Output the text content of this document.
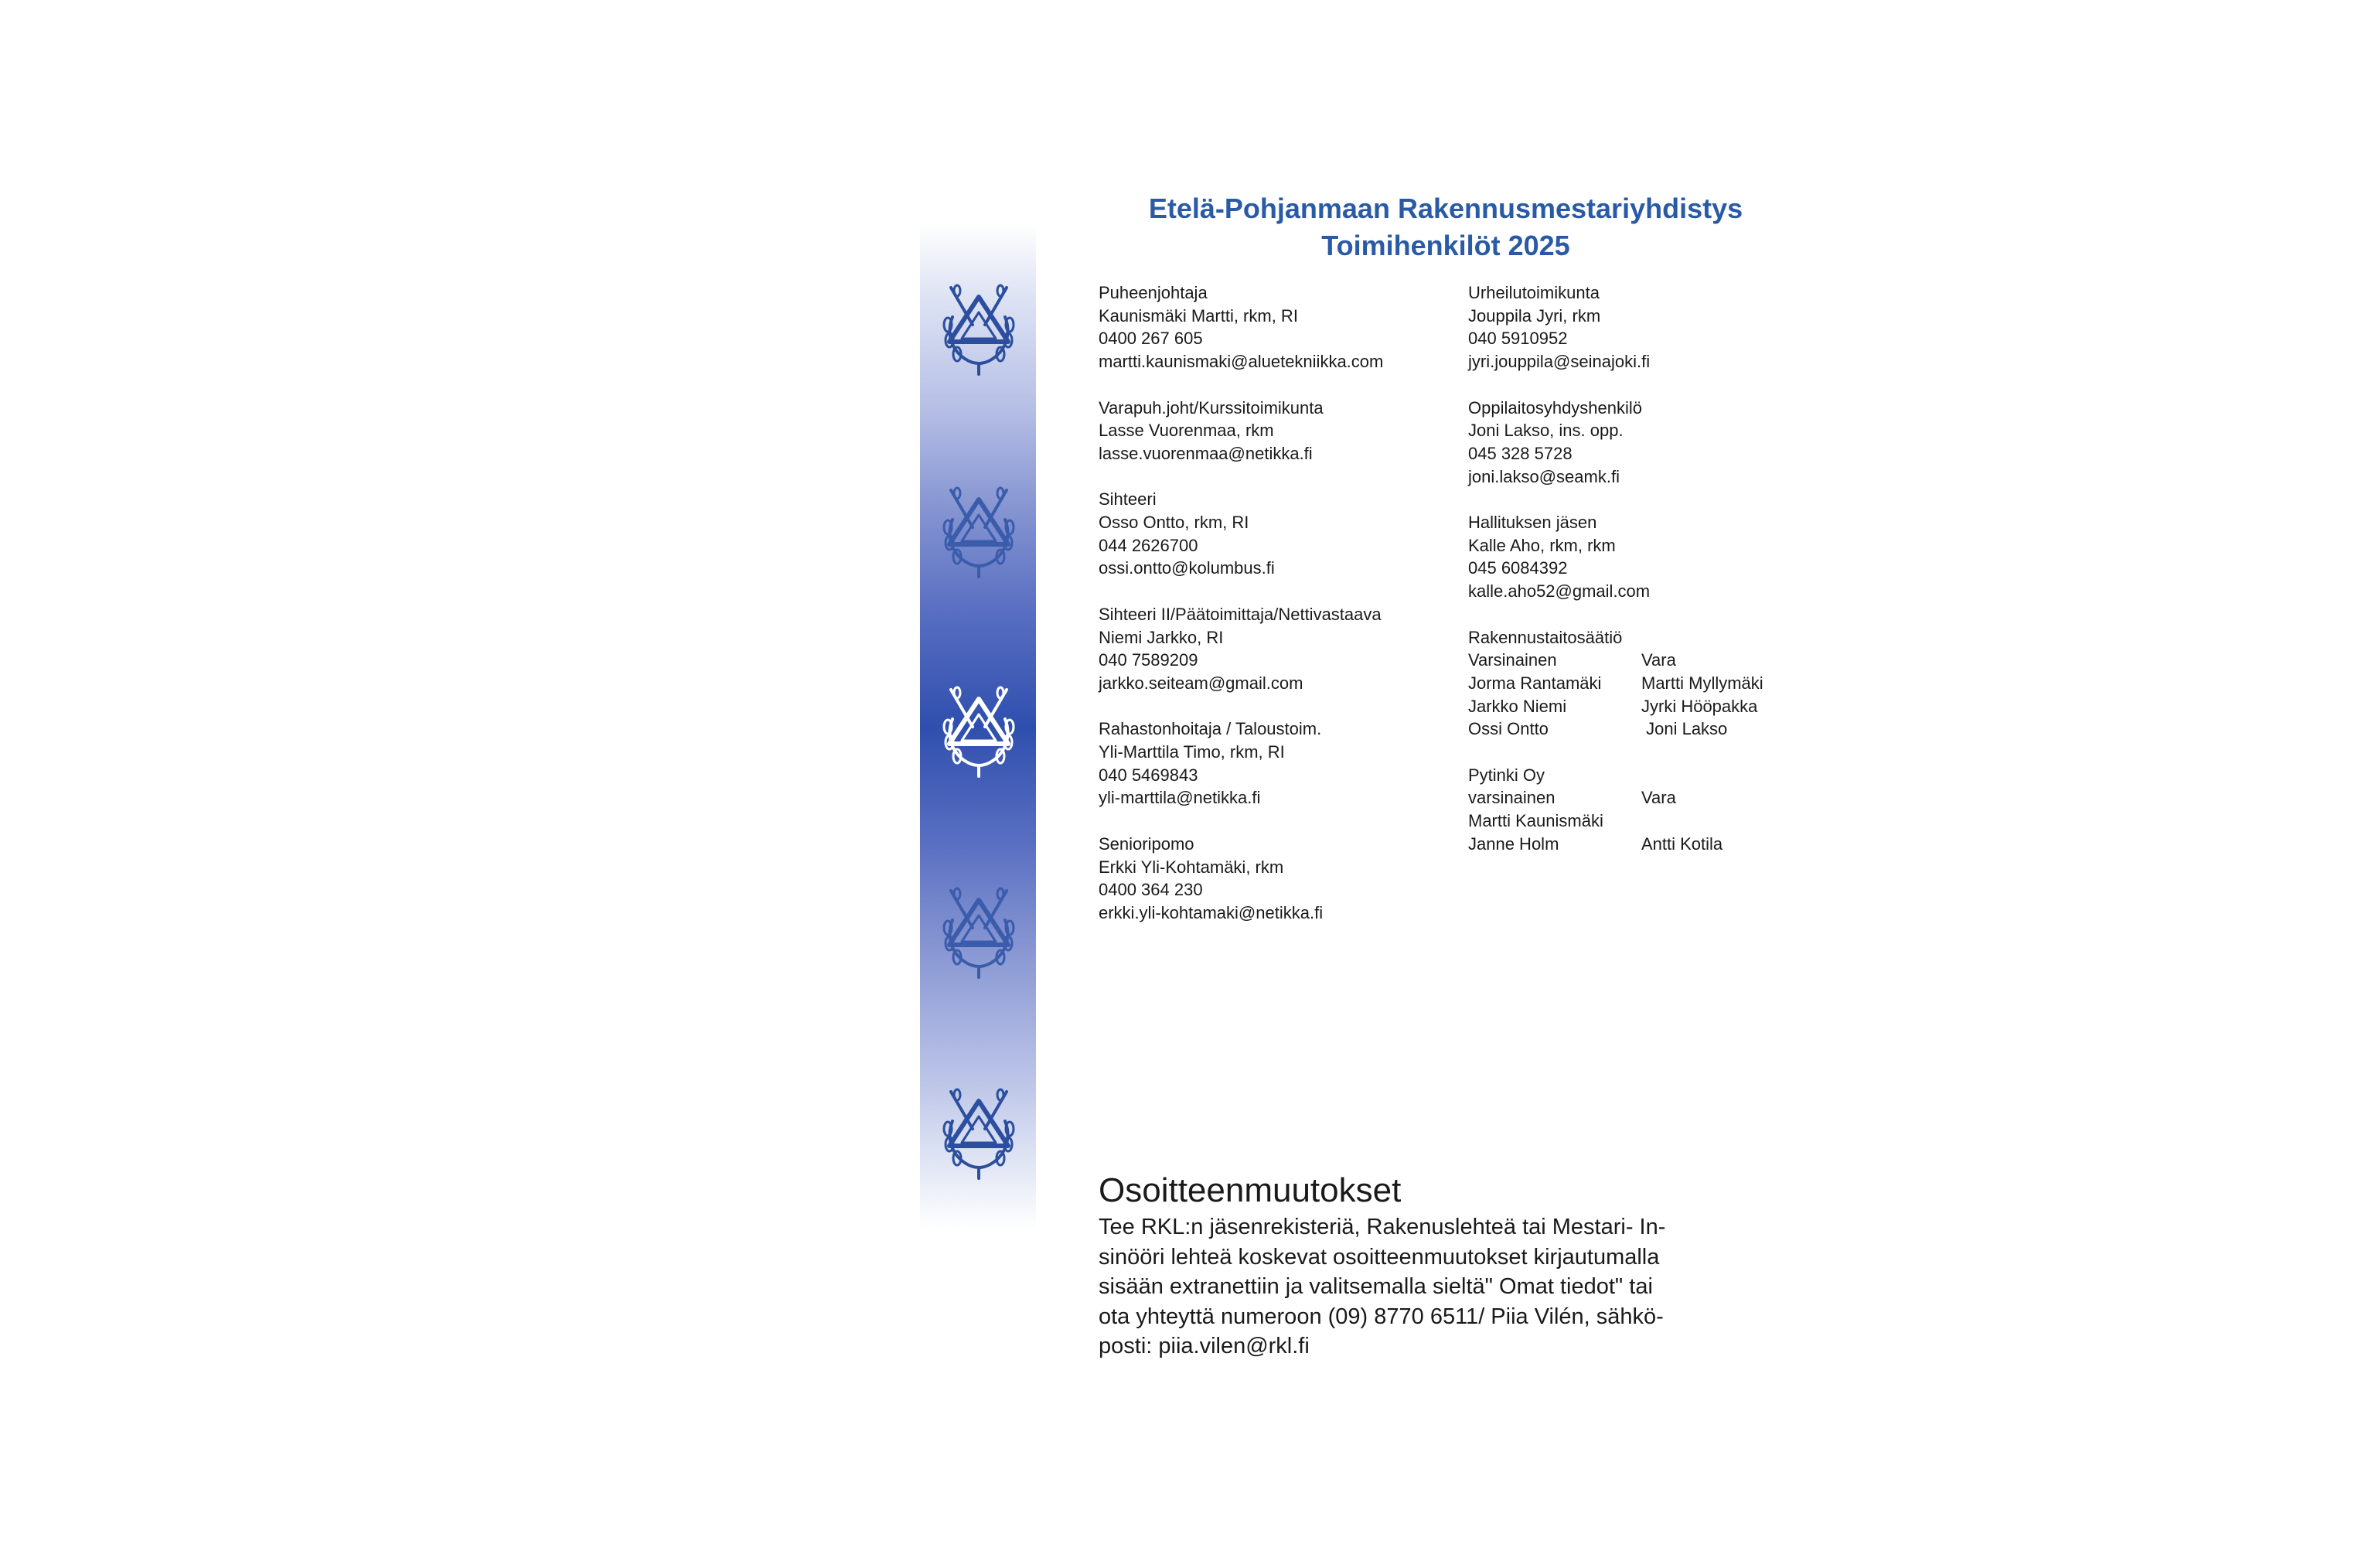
Etelä-Pohjanmaan Rakennusmestariyhdistys
Toimihenkilöt 2025
Puheenjohtaja
Kaunismäki Martti, rkm, RI
0400 267 605
martti.kaunismaki@aluetekniikka.com
Varapuh.joht/Kurssitoimikunta
Lasse Vuorenmaa, rkm
lasse.vuorenmaa@netikka.fi
Sihteeri
Osso Ontto, rkm, RI
044 2626700
ossi.ontto@kolumbus.fi
Sihteeri II/Päätoimittaja/Nettivastaava
Niemi Jarkko, RI
040 7589209
jarkko.seiteam@gmail.com
Rahastonhoitaja / Taloustoim.
Yli-Marttila Timo, rkm, RI
040 5469843
yli-marttila@netikka.fi
Senioripomo
Erkki Yli-Kohtamäki, rkm
0400 364 230
erkki.yli-kohtamaki@netikka.fi
Urheilutoimikunta
Jouppila Jyri, rkm
040 5910952
jyri.jouppila@seinajoki.fi
Oppilaitosyhdyshenkilö
Joni Lakso, ins. opp.
045 328 5728
joni.lakso@seamk.fi
Hallituksen jäsen
Kalle Aho, rkm, rkm
045 6084392
kalle.aho52@gmail.com
Rakennustaitosäätiö
Varsinainen	Vara
Jorma Rantamäki	Martti Myllymäki
Jarkko Niemi	Jyrki Hööpakka
Ossi Ontto	Joni Lakso
Pytinki Oy
varsinainen	Vara
Martti Kaunismäki
Janne Holm	Antti Kotila
Osoitteenmuutokset
Tee RKL:n jäsenrekisteriä, Rakenuslehteä tai Mestari- In-
sinööri lehteä koskevat osoitteenmuutokset kirjautumalla
sisään extranettiin ja valitsemalla sieltä" Omat tiedot" tai
ota yhteyttä numeroon (09) 8770 6511/ Piia Vilén, sähkö-
posti: piia.vilen@rkl.fi
